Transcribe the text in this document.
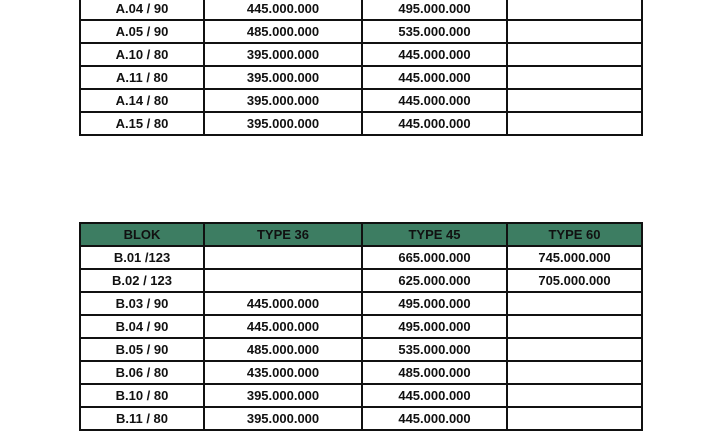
A.04 / 90	445.000.000	495.000.000	
A.05 / 90	485.000.000	535.000.000	
A.10 / 80	395.000.000	445.000.000	
A.11 / 80	395.000.000	445.000.000	
A.14 / 80	395.000.000	445.000.000	
A.15 / 80	395.000.000	445.000.000	
BLOK	TYPE 36	TYPE 45	TYPE 60
B.01 /123		665.000.000	745.000.000
B.02 / 123		625.000.000	705.000.000
B.03 / 90	445.000.000	495.000.000	
B.04 / 90	445.000.000	495.000.000	
B.05 / 90	485.000.000	535.000.000	
B.06 / 80	435.000.000	485.000.000	
B.10 / 80	395.000.000	445.000.000	
B.11 / 80	395.000.000	445.000.000	
